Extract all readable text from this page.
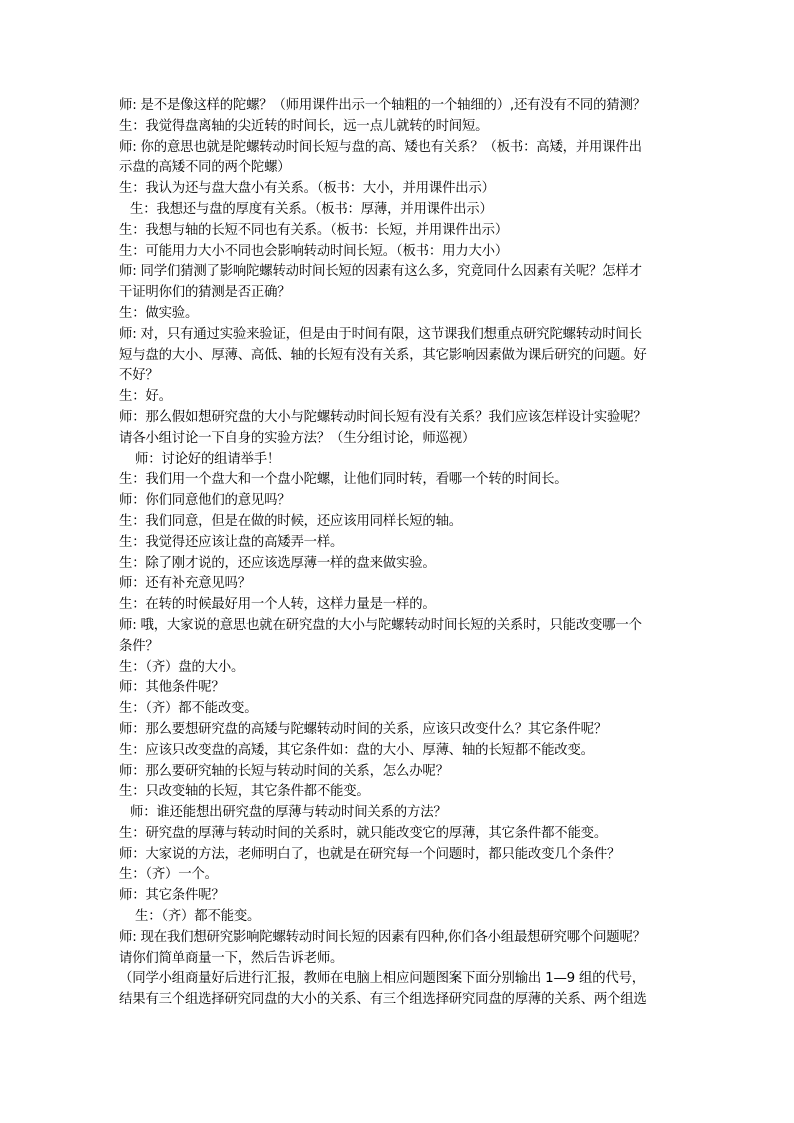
师: 是不是像这样的陀螺？（师用课件出示一个轴粗的一个轴细的）,还有没有不同的猜测？
生：我觉得盘离轴的尖近转的时间长，远一点儿就转的时间短。
师: 你的意思也就是陀螺转动时间长短与盘的高、矮也有关系？（板书：高矮，并用课件出
示盘的高矮不同的两个陀螺）
生：我认为还与盘大盘小有关系。（板书：大小，并用课件出示）
生：我想还与盘的厚度有关系。（板书：厚薄，并用课件出示）
生：我想与轴的长短不同也有关系。（板书：长短，并用课件出示）
生：可能用力大小不同也会影响转动时间长短。（板书：用力大小）
师: 同学们猜测了影响陀螺转动时间长短的因素有这么多，究竟同什么因素有关呢？怎样才
干证明你们的猜测是否正确？
生：做实验。
师: 对，只有通过实验来验证，但是由于时间有限，这节课我们想重点研究陀螺转动时间长
短与盘的大小、厚薄、高低、轴的长短有没有关系，其它影响因素做为课后研究的问题。好
不好？
生：好。
师：那么假如想研究盘的大小与陀螺转动时间长短有没有关系？我们应该怎样设计实验呢？
请各小组讨论一下自身的实验方法？（生分组讨论，师巡视）
师：讨论好的组请举手！
生：我们用一个盘大和一个盘小陀螺，让他们同时转，看哪一个转的时间长。
师：你们同意他们的意见吗？
生：我们同意，但是在做的时候，还应该用同样长短的轴。
生：我觉得还应该让盘的高矮弄一样。
生：除了刚才说的，还应该选厚薄一样的盘来做实验。
师：还有补充意见吗？
生：在转的时候最好用一个人转，这样力量是一样的。
师: 哦，大家说的意思也就在研究盘的大小与陀螺转动时间长短的关系时，只能改变哪一个
条件？
生：（齐）盘的大小。
师：其他条件呢？
生：（齐）都不能改变。
师：那么要想研究盘的高矮与陀螺转动时间的关系，应该只改变什么？其它条件呢？
生：应该只改变盘的高矮，其它条件如：盘的大小、厚薄、轴的长短都不能改变。
师：那么要研究轴的长短与转动时间的关系，怎么办呢？
生：只改变轴的长短，其它条件都不能变。
师：谁还能想出研究盘的厚薄与转动时间关系的方法？
生：研究盘的厚薄与转动时间的关系时，就只能改变它的厚薄，其它条件都不能变。
师：大家说的方法，老师明白了，也就是在研究每一个问题时，都只能改变几个条件？
生：（齐）一个。
师：其它条件呢？
生：（齐）都不能变。
师: 现在我们想研究影响陀螺转动时间长短的因素有四种,你们各小组最想研究哪个问题呢？
请你们简单商量一下，然后告诉老师。
（同学小组商量好后进行汇报，教师在电脑上相应问题图案下面分别输出 1—9 组的代号，
结果有三个组选择研究同盘的大小的关系、有三个组选择研究同盘的厚薄的关系、两个组选
